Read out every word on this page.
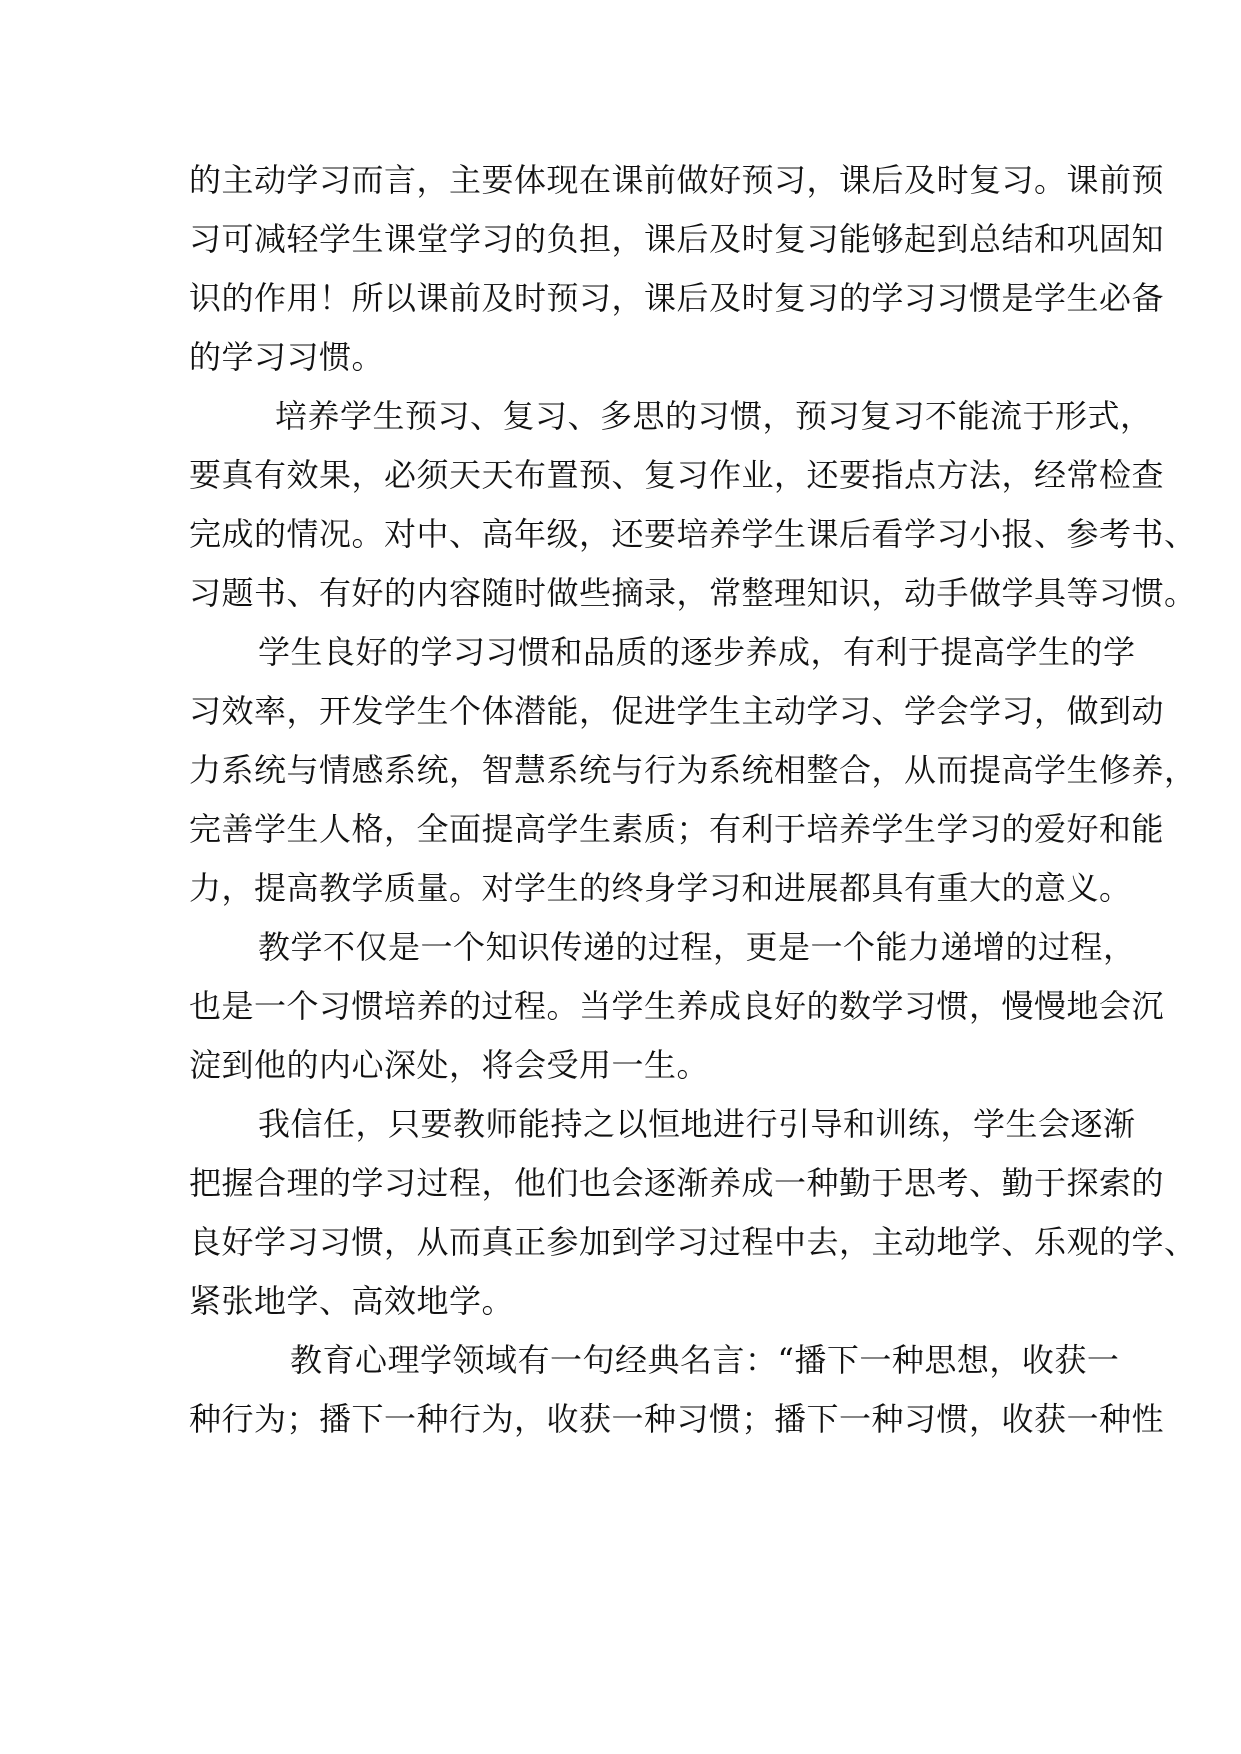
的主动学习而言，主要体现在课前做好预习，课后及时复习。课前预
习可减轻学生课堂学习的负担，课后及时复习能够起到总结和巩固知
识的作用！所以课前及时预习，课后及时复习的学习习惯是学生必备
的学习习惯。
培养学生预习、复习、多思的习惯，预习复习不能流于形式，
要真有效果，必须天天布置预、复习作业，还要指点方法，经常检查
完成的情况。对中、高年级，还要培养学生课后看学习小报、参考书、
习题书、有好的内容随时做些摘录，常整理知识，动手做学具等习惯。
学生良好的学习习惯和品质的逐步养成，有利于提高学生的学
习效率，开发学生个体潜能，促进学生主动学习、学会学习，做到动
力系统与情感系统，智慧系统与行为系统相整合，从而提高学生修养，
完善学生人格，全面提高学生素质；有利于培养学生学习的爱好和能
力，提高教学质量。对学生的终身学习和进展都具有重大的意义。
教学不仅是一个知识传递的过程，更是一个能力递增的过程，
也是一个习惯培养的过程。当学生养成良好的数学习惯，慢慢地会沉
淀到他的内心深处，将会受用一生。
我信任，只要教师能持之以恒地进行引导和训练，学生会逐渐
把握合理的学习过程，他们也会逐渐养成一种勤于思考、勤于探索的
良好学习习惯，从而真正参加到学习过程中去，主动地学、乐观的学、
紧张地学、高效地学。
教育心理学领域有一句经典名言：“播下一种思想，收获一
种行为；播下一种行为，收获一种习惯；播下一种习惯，收获一种性
